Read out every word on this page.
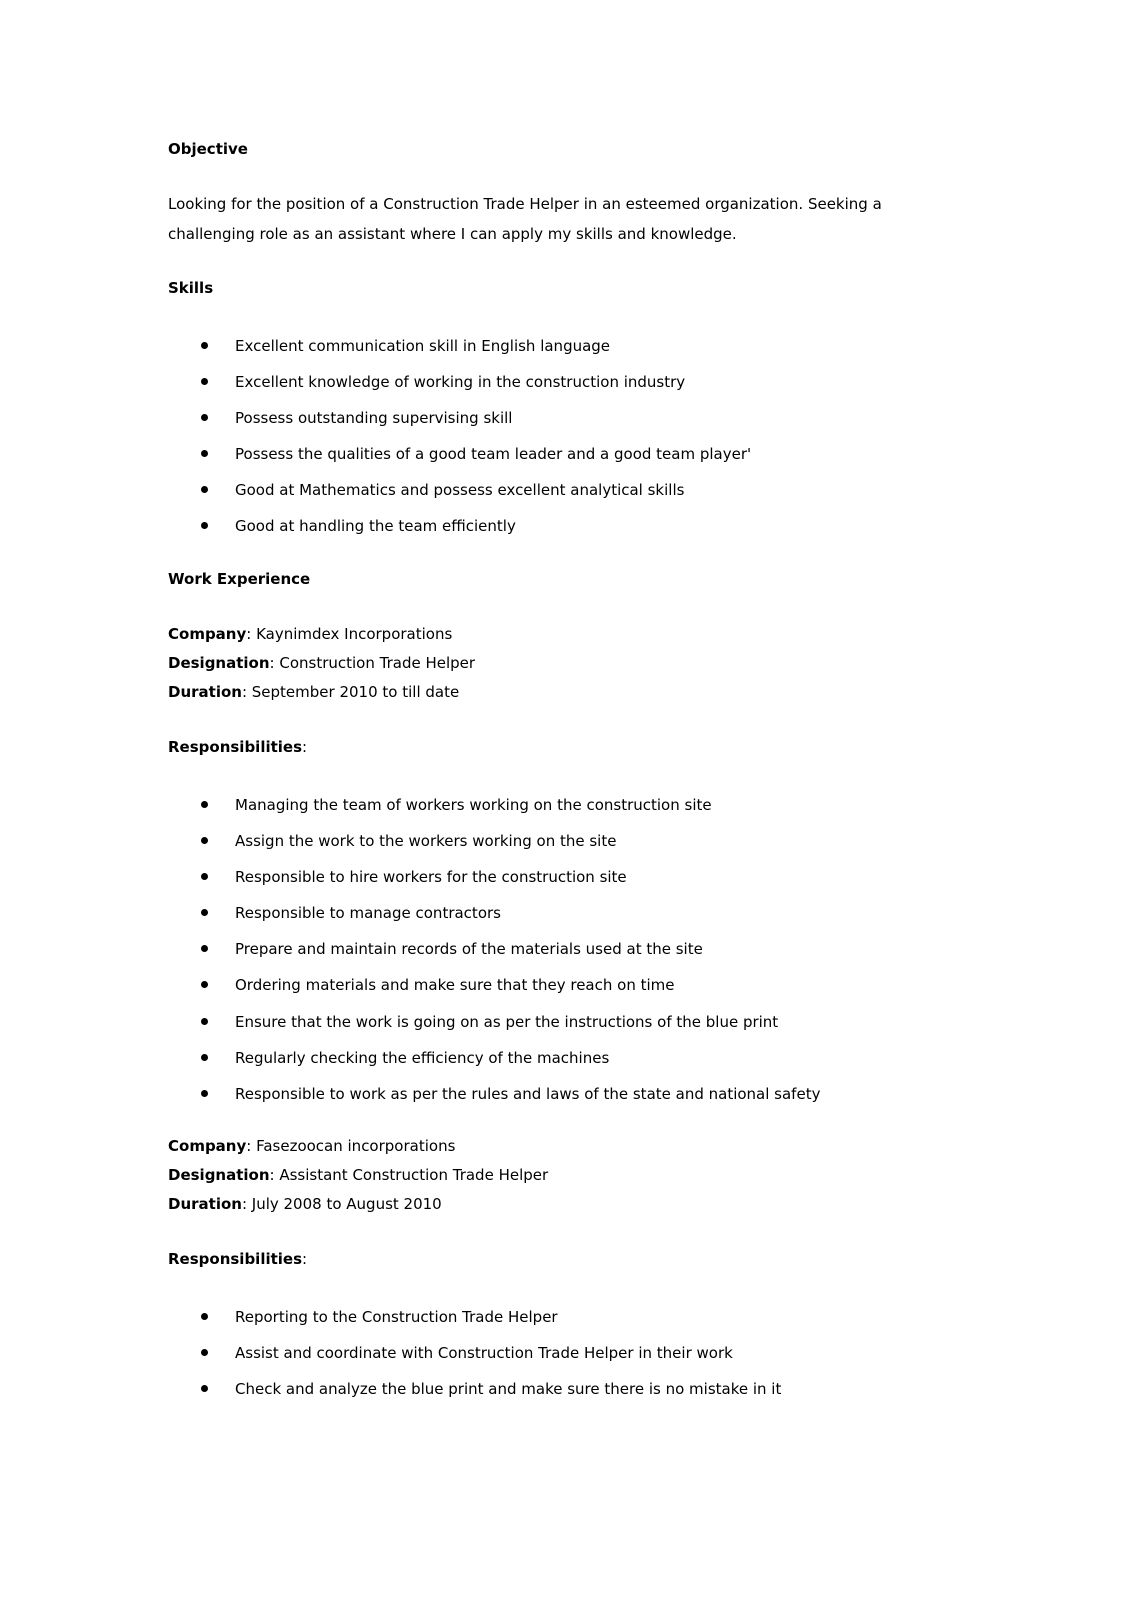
Objective
Looking for the position of a Construction Trade Helper in an esteemed organization. Seeking a challenging role as an assistant where I can apply my skills and knowledge.
Skills
Excellent communication skill in English language
Excellent knowledge of working in the construction industry
Possess outstanding supervising skill
Possess the qualities of a good team leader and a good team player'
Good at Mathematics and possess excellent analytical skills
Good at handling the team efficiently
Work Experience
Company: Kaynimdex Incorporations
Designation: Construction Trade Helper
Duration: September 2010 to till date
Responsibilities:
Managing the team of workers working on the construction site
Assign the work to the workers working on the site
Responsible to hire workers for the construction site
Responsible to manage contractors
Prepare and maintain records of the materials used at the site
Ordering materials and make sure that they reach on time
Ensure that the work is going on as per the instructions of the blue print
Regularly checking the efficiency of the machines
Responsible to work as per the rules and laws of the state and national safety
Company: Fasezoocan incorporations
Designation: Assistant Construction Trade Helper
Duration: July 2008 to August 2010
Responsibilities:
Reporting to the Construction Trade Helper
Assist and coordinate with Construction Trade Helper in their work
Check and analyze the blue print and make sure there is no mistake in it
